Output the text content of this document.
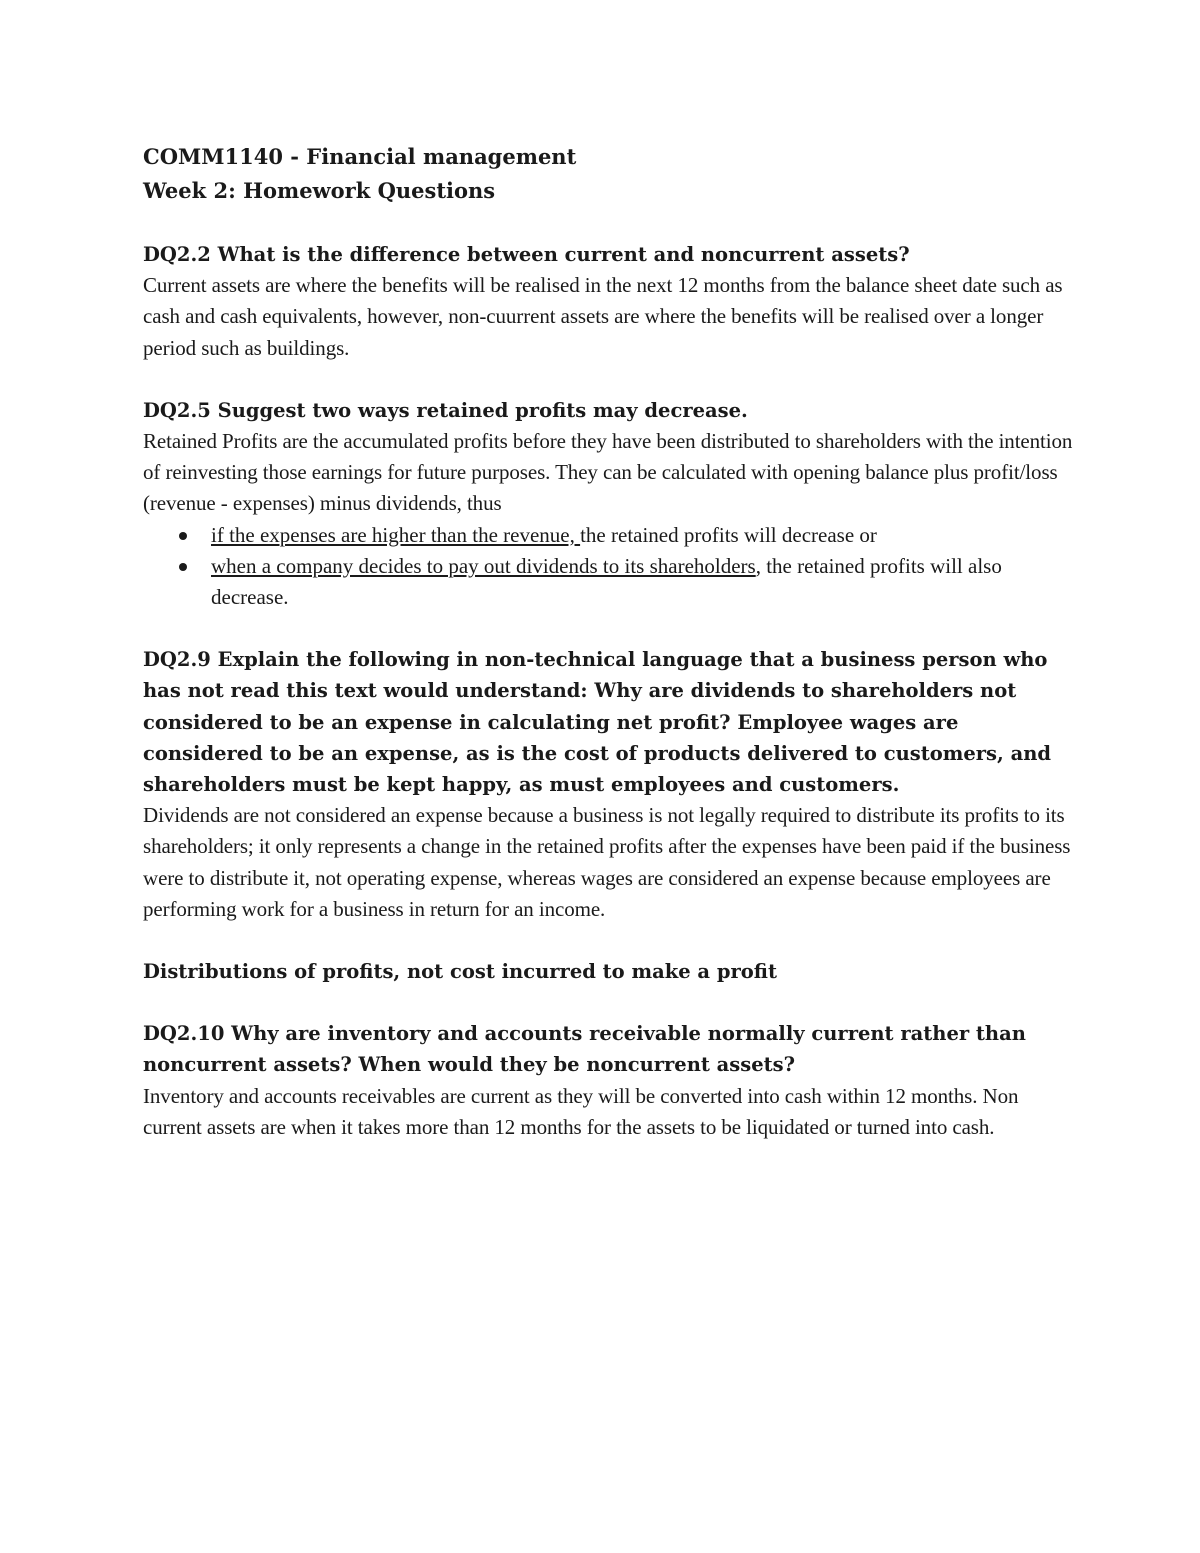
COMM1140 - Financial management

Week 2: Homework Questions

DQ2.2 What is the difference between current and noncurrent assets?

Current assets are where the benefits will be realised in the next 12 months from the balance sheet date such as cash and cash equivalents, however, non-cuurrent assets are where the benefits will be realised over a longer period such as buildings.

DQ2.5 Suggest two ways retained profits may decrease.

Retained Profits are the accumulated profits before they have been distributed to shareholders with the intention of reinvesting those earnings for future purposes. They can be calculated with opening balance plus profit/loss (revenue - expenses) minus dividends, thus

if the expenses are higher than the revenue, the retained profits will decrease or
when a company decides to pay out dividends to its shareholders, the retained profits will also decrease.

DQ2.9 Explain the following in non-technical language that a business person who has not read this text would understand: Why are dividends to shareholders not considered to be an expense in calculating net profit? Employee wages are considered to be an expense, as is the cost of products delivered to customers, and shareholders must be kept happy, as must employees and customers.

Dividends are not considered an expense because a business is not legally required to distribute its profits to its shareholders; it only represents a change in the retained profits after the expenses have been paid if the business were to distribute it, not operating expense, whereas wages are considered an expense because employees are performing work for a business in return for an income.

Distributions of profits, not cost incurred to make a profit

DQ2.10 Why are inventory and accounts receivable normally current rather than noncurrent assets? When would they be noncurrent assets?

Inventory and accounts receivables are current as they will be converted into cash within 12 months. Non current assets are when it takes more than 12 months for the assets to be liquidated or turned into cash.
